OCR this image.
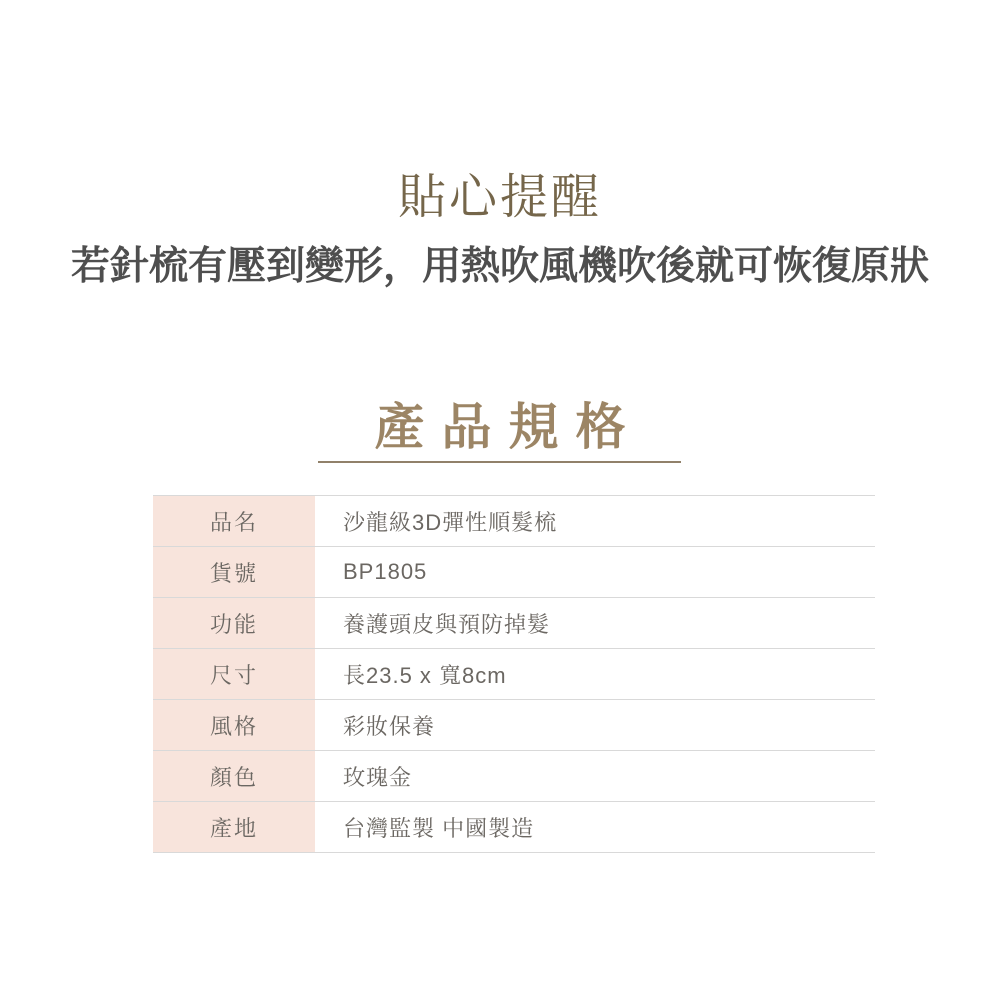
貼心提醒

若針梳有壓到變形，用熱吹風機吹後就可恢復原狀

產品規格
品名	沙龍級3D彈性順髮梳
貨號	BP1805
功能	養護頭皮與預防掉髮
尺寸	長23.5 x 寬8cm
風格	彩妝保養
顏色	玫瑰金
產地	台灣監製 中國製造
